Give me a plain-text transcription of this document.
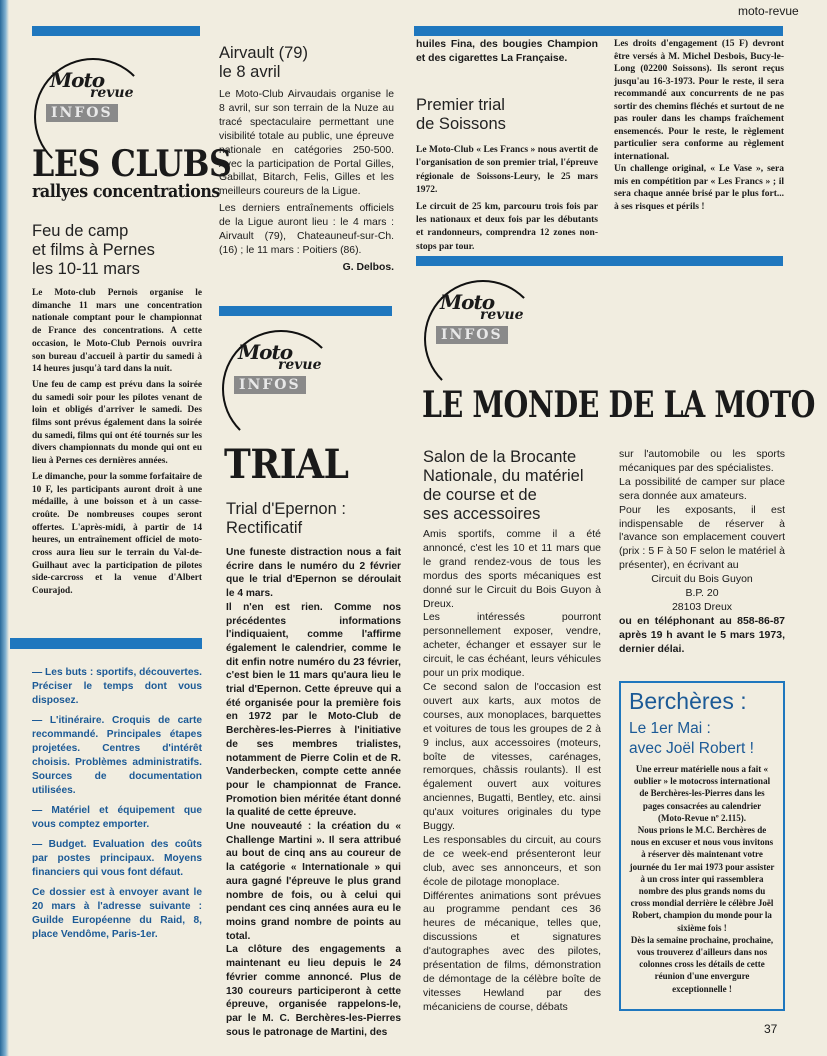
moto-revue
Moto
revue
INFOS
LES CLUBS
rallyes concentrations
Feu de camp
et films à Pernes
les 10-11 mars

Le Moto-club Pernois organise le dimanche 11 mars une concentration nationale comptant pour le championnat de France des concentrations. A cette occasion, le Moto-Club Pernois ouvrira son bureau d'accueil à partir du samedi à 14 heures jusqu'à tard dans la nuit.

Une feu de camp est prévu dans la soirée du samedi soir pour les pilotes venant de loin et obligés d'arriver le samedi. Des films sont prévus également dans la soirée du samedi, films qui ont été tournés sur les divers championnats du monde qui ont eu lieu à Pernes ces dernières années.

Le dimanche, pour la somme forfaitaire de 10 F, les participants auront droit à une médaille, à une boisson et à un casse-croûte. De nombreuses coupes seront offertes. L'après-midi, à partir de 14 heures, un entraînement officiel de moto-cross aura lieu sur le terrain du Val-de-Guilhaut avec la participation de pilotes side-carcross et la venue d'Albert Courajod.

— Les buts : sportifs, découvertes. Préciser le temps dont vous disposez.

— L'itinéraire. Croquis de carte recommandé. Principales étapes projetées. Centres d'intérêt choisis. Problèmes administratifs. Sources de documentation utilisées.

— Matériel et équipement que vous comptez emporter.

— Budget. Evaluation des coûts par postes principaux. Moyens financiers qui vous font défaut.

Ce dossier est à envoyer avant le 20 mars à l'adresse suivante : Guilde Européenne du Raid, 8, place Vendôme, Paris-1er.

Airvault (79)
le 8 avril

Le Moto-Club Airvaudais organise le 8 avril, sur son terrain de la Nuze au tracé spectaculaire permettant une visibilité totale au public, une épreuve nationale en catégories 250-500. Avec la participation de Portal Gilles, Gabillat, Bitarch, Felis, Gilles et les meilleurs coureurs de la Ligue.

Les derniers entraînements officiels de la Ligue auront lieu : le 4 mars : Airvault (79), Chateauneuf-sur-Ch. (16) ; le 11 mars : Poitiers (86).

G. Delbos.

Moto
revue
INFOS
TRIAL
Trial d'Epernon :
Rectificatif

Une funeste distraction nous a fait écrire dans le numéro du 2 février que le trial d'Epernon se déroulait le 4 mars.

Il n'en est rien. Comme nos précédentes informations l'indiquaient, comme l'affirme également le calendrier, comme le dit enfin notre numéro du 23 février, c'est bien le 11 mars qu'aura lieu le trial d'Epernon. Cette épreuve qui a été organisée pour la première fois en 1972 par le Moto-Club de Berchères-les-Pierres à l'initiative de ses membres trialistes, notamment de Pierre Colin et de R. Vanderbecken, compte cette année pour le championnat de France. Promotion bien méritée étant donné la qualité de cette épreuve.

Une nouveauté : la création du « Challenge Martini ». Il sera attribué au bout de cinq ans au coureur de la catégorie « Internationale » qui aura gagné l'épreuve le plus grand nombre de fois, ou à celui qui pendant ces cinq années aura eu le moins grand nombre de points au total.

La clôture des engagements a maintenant eu lieu depuis le 24 février comme annoncé. Plus de 130 coureurs participeront à cette épreuve, organisée rappelons-le, par le M. C. Berchères-les-Pierres sous le patronage de Martini, des

huiles Fina, des bougies Champion et des cigarettes La Française.
Premier trial
de Soissons

Le Moto-Club « Les Francs » nous avertit de l'organisation de son premier trial, l'épreuve régionale de Soissons-Leury, le 25 mars 1972.

Le circuit de 25 km, parcouru trois fois par les nationaux et deux fois par les débutants et randonneurs, comprendra 12 zones non-stops par tour.

Les droits d'engagement (15 F) devront être versés à M. Michel Desbois, Bucy-le-Long (02200 Soissons). Ils seront reçus jusqu'au 16-3-1973. Pour le reste, il sera recommandé aux concurrents de ne pas sortir des chemins fléchés et surtout de ne pas rouler dans les champs fraîchement ensemencés. Pour le reste, le règlement particulier sera conforme au règlement international.

Un challenge original, « Le Vase », sera mis en compétition par « Les Francs » ; il sera chaque année brisé par le plus fort... à ses risques et périls !

Moto
revue
INFOS
LE MONDE DE LA MOTO
Salon de la Brocante
Nationale, du matériel
de course et de
ses accessoires

Amis sportifs, comme il a été annoncé, c'est les 10 et 11 mars que le grand rendez-vous de tous les mordus des sports mécaniques est donné sur le Circuit du Bois Guyon à Dreux.

Les intéressés pourront personnellement exposer, vendre, acheter, échanger et essayer sur le circuit, le cas échéant, leurs véhicules pour un prix modique.

Ce second salon de l'occasion est ouvert aux karts, aux motos de courses, aux monoplaces, barquettes et voitures de tous les groupes de 2 à 9 inclus, aux accessoires (moteurs, boîte de vitesses, carénages, remorques, châssis roulants). Il est également ouvert aux voitures anciennes, Bugatti, Bentley, etc. ainsi qu'aux voitures originales du type Buggy.

Les responsables du circuit, au cours de ce week-end présenteront leur club, avec ses annonceurs, et son école de pilotage monoplace.

Différentes animations sont prévues au programme pendant ces 36 heures de mécanique, telles que, discussions et signatures d'autographes avec des pilotes, présentation de films, démonstration de démontage de la célèbre boîte de vitesses Hewland par des mécaniciens de course, débats

sur l'automobile ou les sports mécaniques par des spécialistes.

La possibilité de camper sur place sera donnée aux amateurs.

Pour les exposants, il est indispensable de réserver à l'avance son emplacement couvert (prix : 5 F à 50 F selon le matériel à présenter), en écrivant au

Circuit du Bois Guyon
B.P. 20
28103 Dreux

ou en téléphonant au 858-86-87 après 19 h avant le 5 mars 1973, dernier délai.

Berchères :
Le 1er Mai :
avec Joël Robert !

Une erreur matérielle nous a fait « oublier » le motocross international de Berchères-les-Pierres dans les pages consacrées au calendrier (Moto-Revue nº 2.115).

Nous prions le M.C. Berchères de nous en excuser et nous vous invitons à réserver dès maintenant votre journée du 1er mai 1973 pour assister à un cross inter qui rassemblera nombre des plus grands noms du cross mondial derrière le célèbre Joël Robert, champion du monde pour la sixième fois !

Dès la semaine prochaine, prochaine, vous trouverez d'ailleurs dans nos colonnes cross les détails de cette réunion d'une envergure exceptionnelle !

37
